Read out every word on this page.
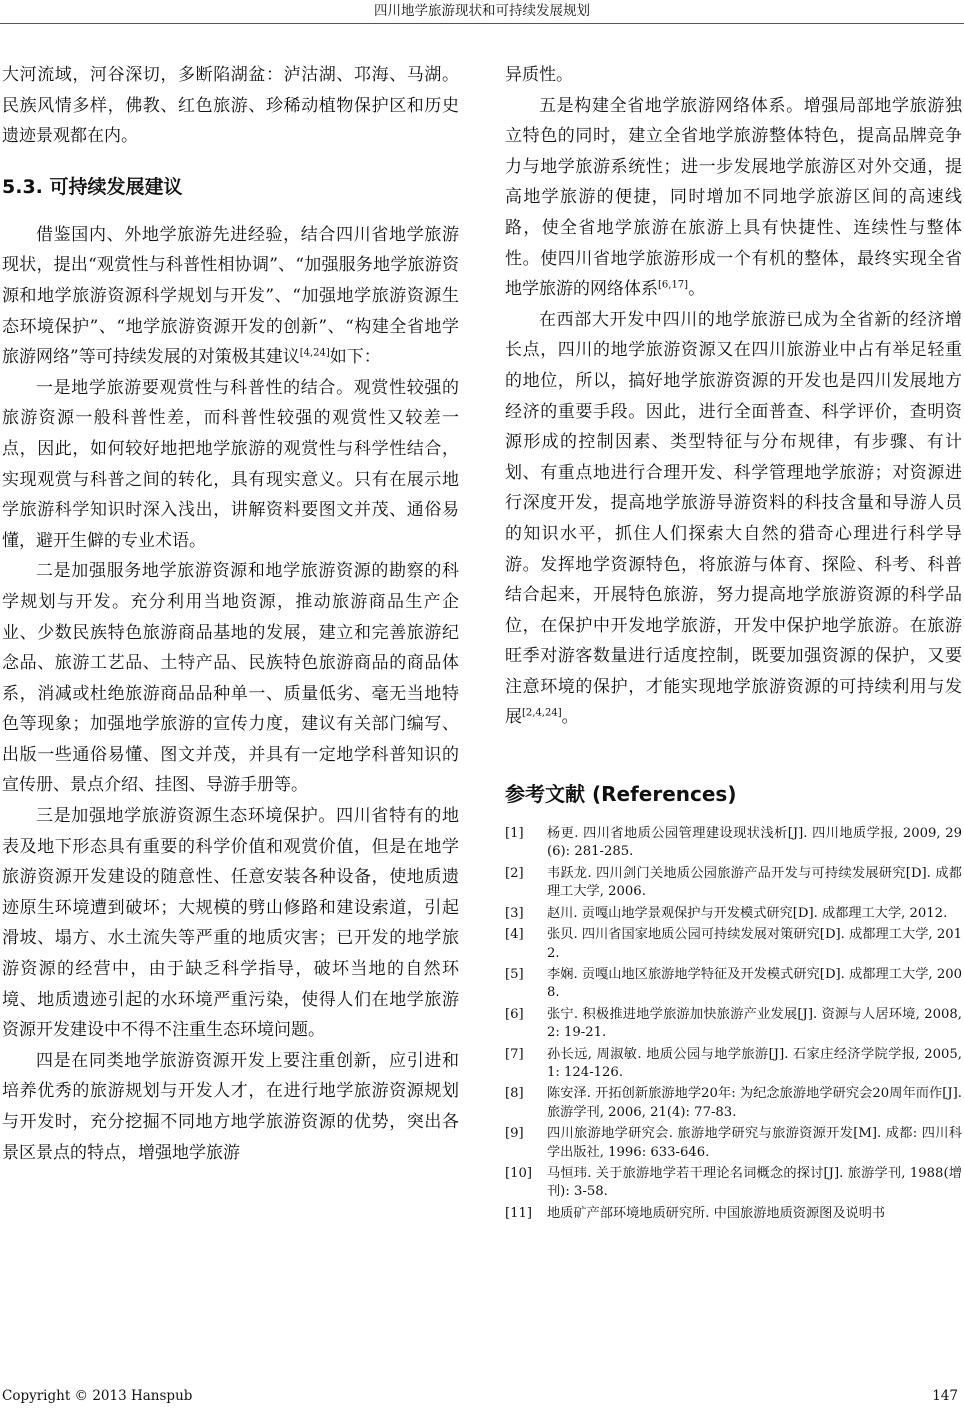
四川地学旅游现状和可持续发展规划

大河流域，河谷深切，多断陷湖盆：泸沽湖、邛海、马湖。民族风情多样，佛教、红色旅游、珍稀动植物保护区和历史遗迹景观都在内。

5.3. 可持续发展建议

借鉴国内、外地学旅游先进经验，结合四川省地学旅游现状，提出“观赏性与科普性相协调”、“加强服务地学旅游资源和地学旅游资源科学规划与开发”、“加强地学旅游资源生态环境保护”、“地学旅游资源开发的创新”、“构建全省地学旅游网络”等可持续发展的对策极其建议[4,24]如下：

一是地学旅游要观赏性与科普性的结合。观赏性较强的旅游资源一般科普性差，而科普性较强的观赏性又较差一点，因此，如何较好地把地学旅游的观赏性与科学性结合，实现观赏与科普之间的转化，具有现实意义。只有在展示地学旅游科学知识时深入浅出，讲解资料要图文并茂、通俗易懂，避开生僻的专业术语。

二是加强服务地学旅游资源和地学旅游资源的勘察的科学规划与开发。充分利用当地资源，推动旅游商品生产企业、少数民族特色旅游商品基地的发展，建立和完善旅游纪念品、旅游工艺品、土特产品、民族特色旅游商品的商品体系，消减或杜绝旅游商品品种单一、质量低劣、毫无当地特色等现象；加强地学旅游的宣传力度，建议有关部门编写、出版一些通俗易懂、图文并茂，并具有一定地学科普知识的宣传册、景点介绍、挂图、导游手册等。

三是加强地学旅游资源生态环境保护。四川省特有的地表及地下形态具有重要的科学价值和观赏价值，但是在地学旅游资源开发建设的随意性、任意安装各种设备，使地质遗迹原生环境遭到破坏；大规模的劈山修路和建设索道，引起滑坡、塌方、水土流失等严重的地质灾害；已开发的地学旅游资源的经营中，由于缺乏科学指导，破坏当地的自然环境、地质遗迹引起的水环境严重污染，使得人们在地学旅游资源开发建设中不得不注重生态环境问题。

四是在同类地学旅游资源开发上要注重创新，应引进和培养优秀的旅游规划与开发人才，在进行地学旅游资源规划与开发时，充分挖掘不同地方地学旅游资源的优势，突出各景区景点的特点，增强地学旅游

异质性。

五是构建全省地学旅游网络体系。增强局部地学旅游独立特色的同时，建立全省地学旅游整体特色，提高品牌竞争力与地学旅游系统性；进一步发展地学旅游区对外交通，提高地学旅游的便捷，同时增加不同地学旅游区间的高速线路，使全省地学旅游在旅游上具有快捷性、连续性与整体性。使四川省地学旅游形成一个有机的整体，最终实现全省地学旅游的网络体系[6,17]。

在西部大开发中四川的地学旅游已成为全省新的经济增长点，四川的地学旅游资源又在四川旅游业中占有举足轻重的地位，所以，搞好地学旅游资源的开发也是四川发展地方经济的重要手段。因此，进行全面普查、科学评价，查明资源形成的控制因素、类型特征与分布规律，有步骤、有计划、有重点地进行合理开发、科学管理地学旅游；对资源进行深度开发，提高地学旅游导游资料的科技含量和导游人员的知识水平，抓住人们探索大自然的猎奇心理进行科学导游。发挥地学资源特色，将旅游与体育、探险、科考、科普结合起来，开展特色旅游，努力提高地学旅游资源的科学品位，在保护中开发地学旅游，开发中保护地学旅游。在旅游旺季对游客数量进行适度控制，既要加强资源的保护，又要注意环境的保护，才能实现地学旅游资源的可持续利用与发展[2,4,24]。

参考文献 (References)
[1]	杨更. 四川省地质公园管理建设现状浅析[J]. 四川地质学报, 2009, 29(6): 281-285.
[2]	韦跃龙. 四川剑门关地质公园旅游产品开发与可持续发展研究[D]. 成都理工大学, 2006.
[3]	赵川. 贡嘎山地学景观保护与开发模式研究[D]. 成都理工大学, 2012.
[4]	张贝. 四川省国家地质公园可持续发展对策研究[D]. 成都理工大学, 2012.
[5]	李娴. 贡嘎山地区旅游地学特征及开发模式研究[D]. 成都理工大学, 2008.
[6]	张宁. 积极推进地学旅游加快旅游产业发展[J]. 资源与人居环境, 2008, 2: 19-21.
[7]	孙长远, 周淑敏. 地质公园与地学旅游[J]. 石家庄经济学院学报, 2005, 1: 124-126.
[8]	陈安泽. 开拓创新旅游地学20年: 为纪念旅游地学研究会20周年而作[J]. 旅游学刊, 2006, 21(4): 77-83.
[9]	四川旅游地学研究会. 旅游地学研究与旅游资源开发[M]. 成都: 四川科学出版社, 1996: 633-646.
[10]	马恒玮. 关于旅游地学若干理论名词概念的探讨[J]. 旅游学刊, 1988(增刊): 3-58.
[11]	地质矿产部环境地质研究所. 中国旅游地质资源图及说明书
Copyright © 2013 Hanspub	147
